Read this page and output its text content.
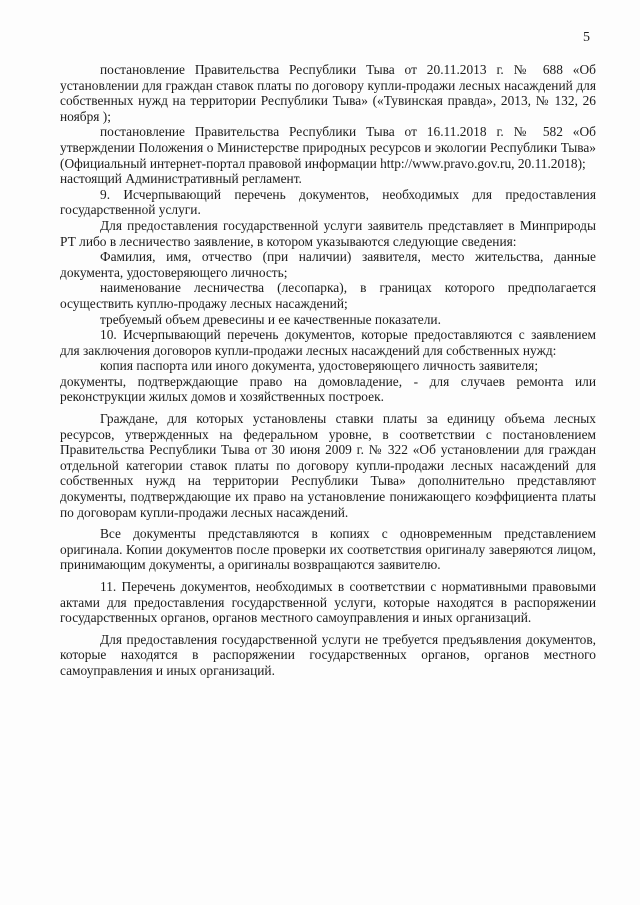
5

постановление Правительства Республики Тыва от 20.11.2013 г. № 688 «Об установлении для граждан ставок платы по договору купли-продажи лесных насаждений для собственных нужд на территории Республики Тыва» («Тувинская правда», 2013, № 132, 26 ноября );

постановление Правительства Республики Тыва от 16.11.2018 г. № 582 «Об утверждении Положения о Министерстве природных ресурсов и экологии Республики Тыва» (Официальный интернет-портал правовой информации http://www.pravo.gov.ru, 20.11.2018);

настоящий Административный регламент.

9. Исчерпывающий перечень документов, необходимых для предоставления государственной услуги.

Для предоставления государственной услуги заявитель представляет в Минприроды РТ либо в лесничество заявление, в котором указываются следующие сведения:

Фамилия, имя, отчество (при наличии) заявителя, место жительства, данные документа, удостоверяющего личность;

наименование лесничества (лесопарка), в границах которого предполагается осуществить куплю-продажу лесных насаждений;

требуемый объем древесины и ее качественные показатели.

10. Исчерпывающий перечень документов, которые предоставляются с заявлением для заключения договоров купли-продажи лесных насаждений для собственных нужд:

копия паспорта или иного документа, удостоверяющего личность заявителя;

документы, подтверждающие право на домовладение, - для случаев ремонта или реконструкции жилых домов и хозяйственных построек.

Граждане, для которых установлены ставки платы за единицу объема лесных ресурсов, утвержденных на федеральном уровне, в соответствии с постановлением Правительства Республики Тыва от 30 июня 2009 г. № 322 «Об установлении для граждан отдельной категории ставок платы по договору купли-продажи лесных насаждений для собственных нужд на территории Республики Тыва» дополнительно представляют документы, подтверждающие их право на установление понижающего коэффициента платы по договорам купли-продажи лесных насаждений.

Все документы представляются в копиях с одновременным представлением оригинала. Копии документов после проверки их соответствия оригиналу заверяются лицом, принимающим документы, а оригиналы возвращаются заявителю.

11. Перечень документов, необходимых в соответствии с нормативными правовыми актами для предоставления государственной услуги, которые находятся в распоряжении государственных органов, органов местного самоуправления и иных организаций.

Для предоставления государственной услуги не требуется предъявления документов, которые находятся в распоряжении государственных органов, органов местного самоуправления и иных организаций.
